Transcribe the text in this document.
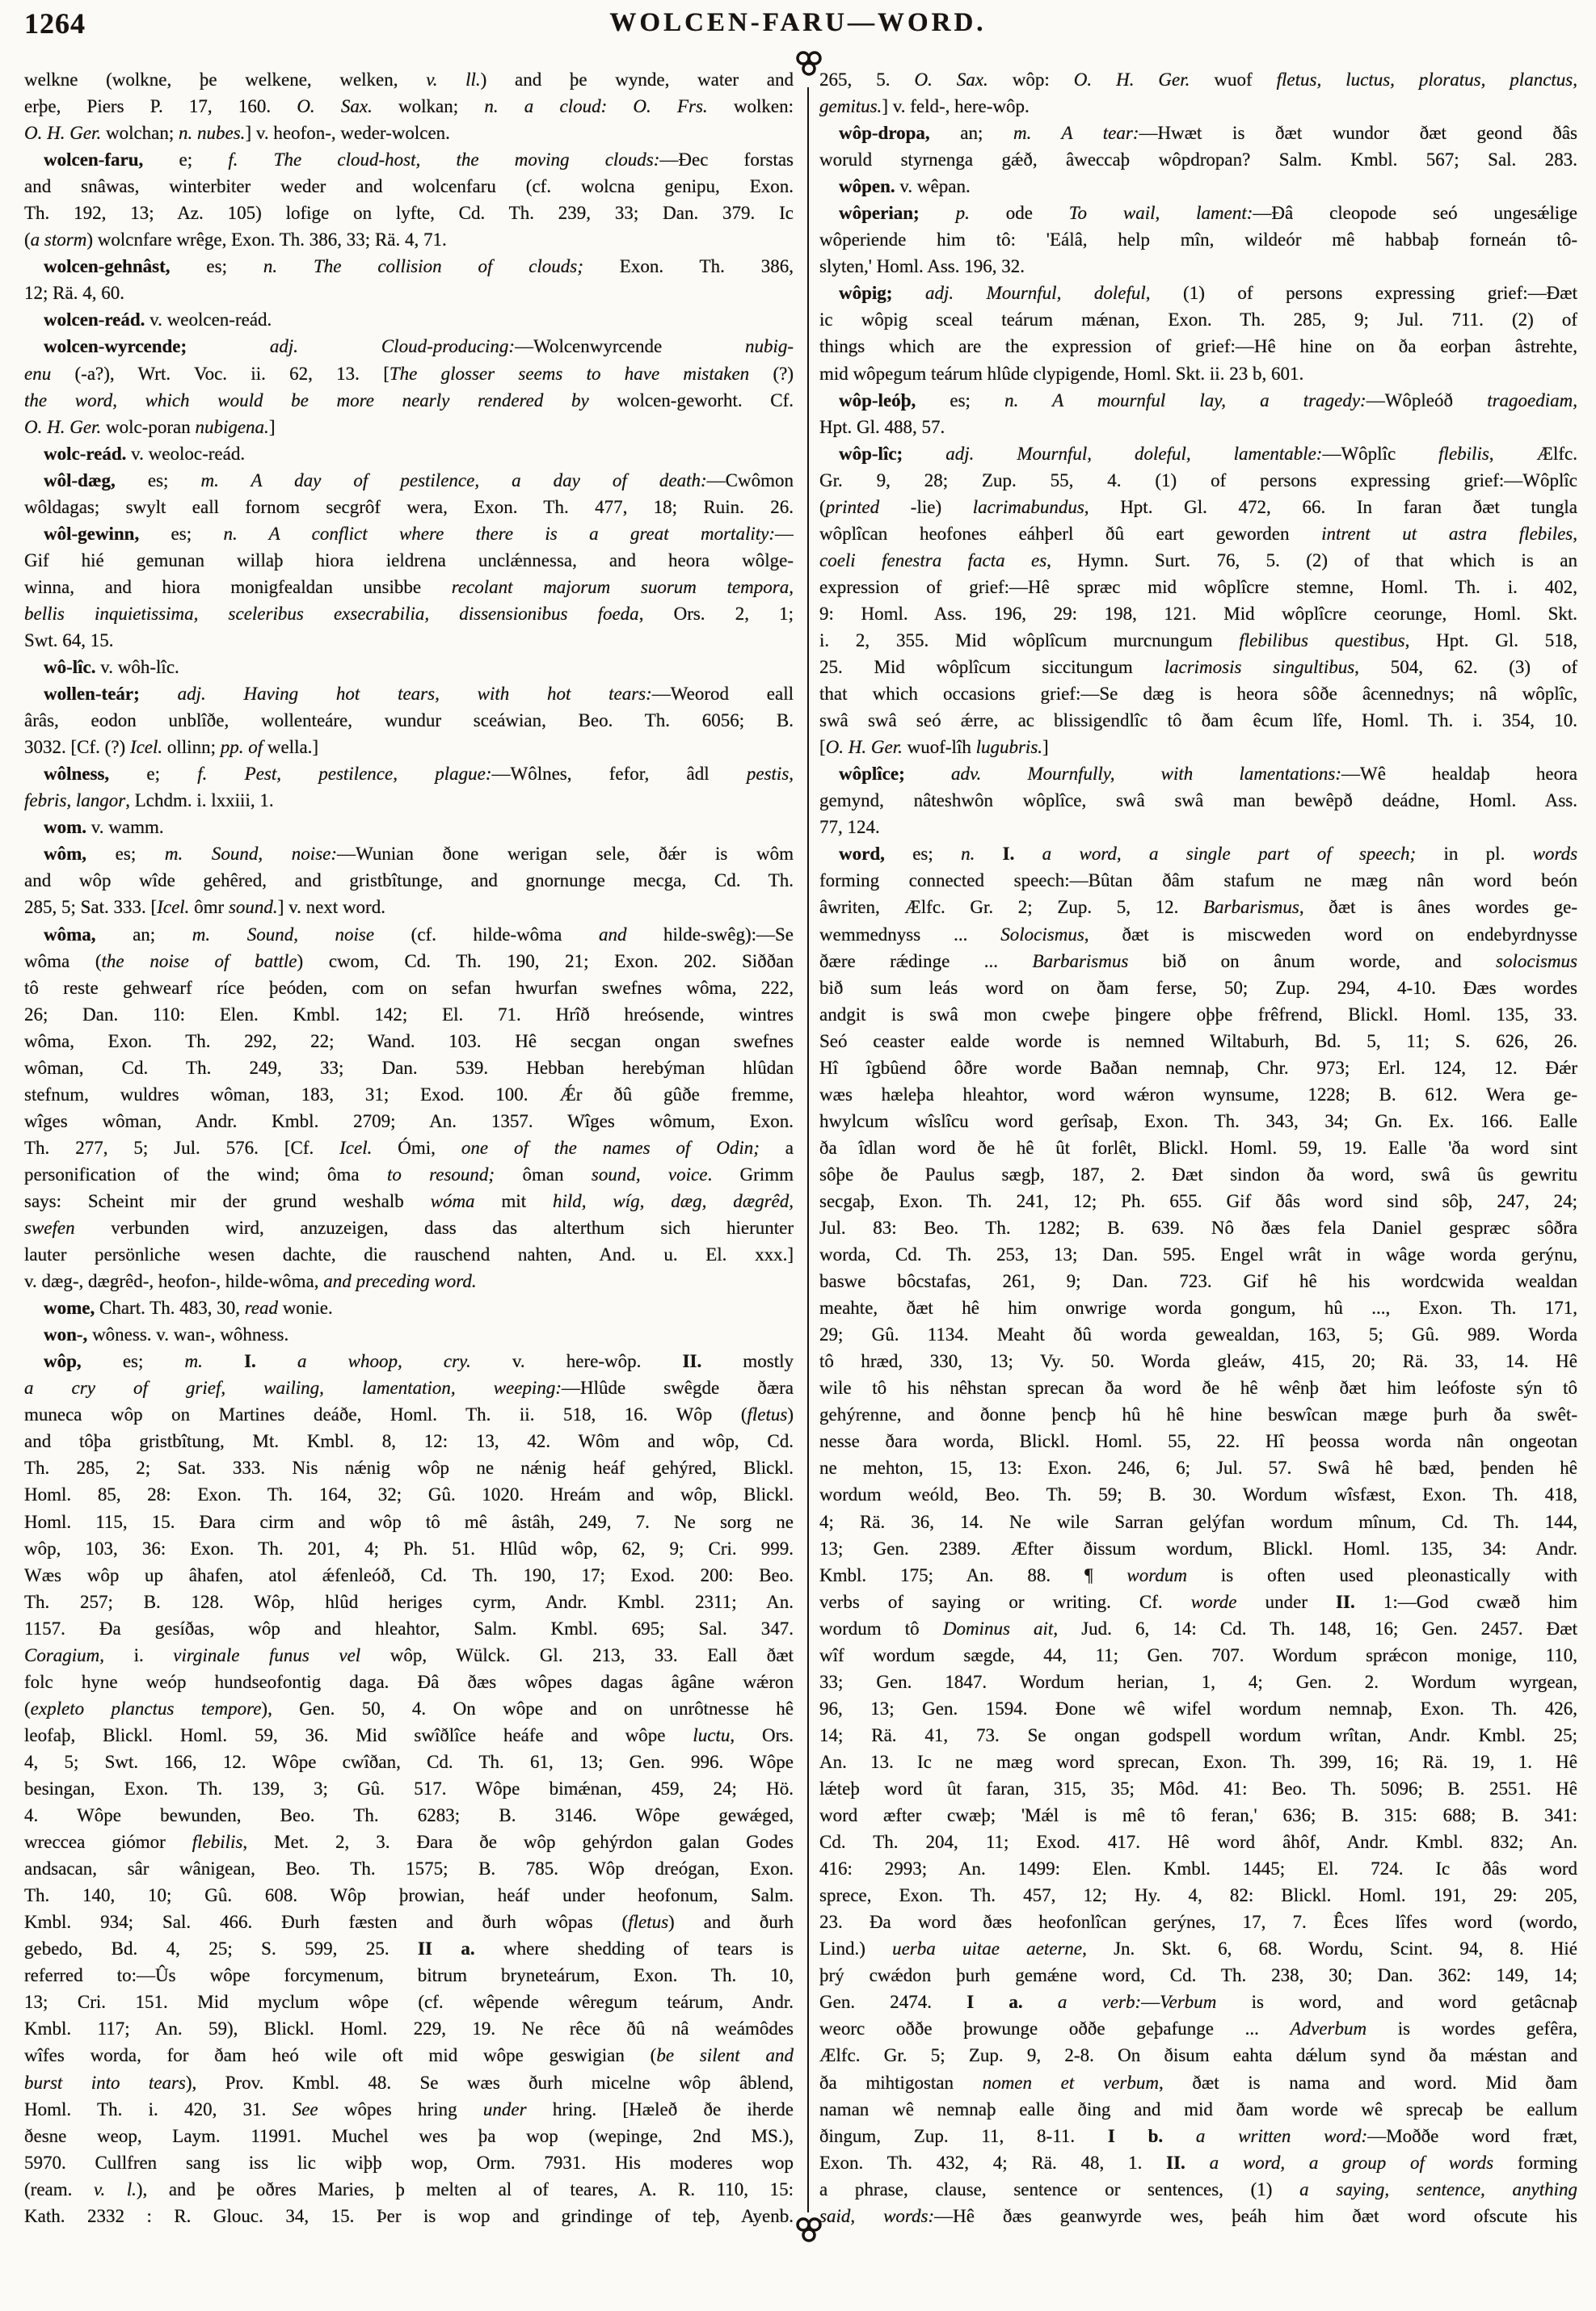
1264	WOLCEN-FARU—WORD.
welkne (wolkne, þe welkene, welken, v. ll.) and þe wynde, water and
erþe, Piers P. 17, 160. O. Sax. wolkan; n. a cloud: O. Frs. wolken:
O. H. Ger. wolchan; n. nubes.] v. heofon-, weder-wolcen.
wolcen-faru, e; f. The cloud-host, the moving clouds:—Ðec forstas
and snâwas, winterbiter weder and wolcenfaru (cf. wolcna genipu, Exon.
Th. 192, 13; Az. 105) lofige on lyfte, Cd. Th. 239, 33; Dan. 379. Ic
(a storm) wolcnfare wrêge, Exon. Th. 386, 33; Rä. 4, 71.
wolcen-gehnâst, es; n. The collision of clouds; Exon. Th. 386,
12; Rä. 4, 60.
wolcen-reád. v. weolcen-reád.
wolcen-wyrcende;	adj. Cloud-producing:—Wolcenwyrcende nubig-
enu (-a?), Wrt. Voc. ii. 62, 13. [The glosser seems to have mistaken (?)
the word, which would be more nearly rendered by wolcen-geworht. Cf.
O. H. Ger. wolc-poran nubigena.]
wolc-reád. v. weoloc-reád.
wôl-dæg, es; m. A day of pestilence, a day of death:—Cwômon
wôldagas; swylt eall fornom secgrôf wera, Exon. Th. 477, 18; Ruin. 26.
wôl-gewinn, es; n. A conflict where there is a great mortality:—
Gif hié gemunan willaþ hiora ieldrena unclǽnnessa, and heora wôlge-
winna, and hiora monigfealdan unsibbe recolant majorum suorum tempora,
bellis inquietissima, sceleribus exsecrabilia, dissensionibus foeda, Ors. 2, 1;
Swt. 64, 15.
wô-lîc. v. wôh-lîc.
wollen-teár; adj. Having hot tears, with hot tears:—Weorod eall
ârâs, eodon unblîðe, wollenteáre, wundur sceáwian, Beo. Th. 6056; B.
3032. [Cf. (?) Icel. ollinn; pp. of wella.]
wôlness, e; f. Pest, pestilence, plague:—Wôlnes, fefor, âdl pestis,
febris, langor, Lchdm. i. lxxiii, 1.
wom. v. wamm.
wôm, es; m. Sound, noise:—Wunian ðone werigan sele, ðǽr is wôm
and wôp wîde gehêred, and gristbîtunge, and gnornunge mecga, Cd. Th.
285, 5; Sat. 333. [Icel. ômr sound.] v. next word.
wôma, an; m. Sound, noise (cf. hilde-wôma and hilde-swêg):—Se
wôma (the noise of battle) cwom, Cd. Th. 190, 21; Exon. 202. Siððan
tô reste gehwearf ríce þeóden, com on sefan hwurfan swefnes wôma, 222,
26; Dan. 110: Elen. Kmbl. 142; El. 71. Hrîð hreósende, wintres
wôma, Exon. Th. 292, 22; Wand. 103. Hê secgan ongan swefnes
wôman, Cd. Th. 249, 33; Dan. 539. Hebban herebýman hlûdan
stefnum, wuldres wôman, 183, 31; Exod. 100. Ǽr ðû gûðe fremme,
wîges wôman, Andr. Kmbl. 2709; An. 1357. Wîges wômum, Exon.
Th. 277, 5; Jul. 576. [Cf. Icel. Ómi, one of the names of Odin; a
personification of the wind; ôma to resound; ôman sound, voice. Grimm
says: Scheint mir der grund weshalb wóma mit hild, wíg, dæg, dægrêd,
swefen verbunden wird, anzuzeigen, dass das alterthum sich hierunter
lauter persönliche wesen dachte, die rauschend nahten, And. u. El. xxx.]
v. dæg-, dægrêd-, heofon-, hilde-wôma, and preceding word.
wome, Chart. Th. 483, 30, read wonie.
won-, wôness. v. wan-, wôhness.
wôp, es; m. I. a whoop, cry. v. here-wôp. II. mostly
a cry of grief, wailing, lamentation, weeping:—Hlûde swêgde ðæra
muneca wôp on Martines deáðe, Homl. Th. ii. 518, 16. Wôp (fletus)
and tôþa gristbîtung, Mt. Kmbl. 8, 12: 13, 42. Wôm and wôp, Cd.
Th. 285, 2; Sat. 333. Nis nǽnig wôp ne nǽnig heáf gehýred, Blickl.
Homl. 85, 28: Exon. Th. 164, 32; Gû. 1020. Hreám and wôp, Blickl.
Homl. 115, 15. Ðara cirm and wôp tô mê âstâh, 249, 7. Ne sorg ne
wôp, 103, 36: Exon. Th. 201, 4; Ph. 51. Hlûd wôp, 62, 9; Cri. 999.
Wæs wôp up âhafen, atol ǽfenleóð, Cd. Th. 190, 17; Exod. 200: Beo.
Th. 257; B. 128. Wôp, hlûd heriges cyrm, Andr. Kmbl. 2311; An.
1157. Ða gesíðas, wôp and hleahtor, Salm. Kmbl. 695; Sal. 347.
Coragium, i. virginale funus vel wôp, Wülck. Gl. 213, 33. Eall ðæt
folc hyne weóp hundseofontig daga. Ðâ ðæs wôpes dagas âgâne wǽron
(expleto planctus tempore), Gen. 50, 4. On wôpe and on unrôtnesse hê
leofaþ, Blickl. Homl. 59, 36. Mid swîðlîce heáfe and wôpe luctu, Ors.
4, 5; Swt. 166, 12. Wôpe cwîðan, Cd. Th. 61, 13; Gen. 996. Wôpe
besingan, Exon. Th. 139, 3; Gû. 517. Wôpe bimǽnan, 459, 24; Hö.
4. Wôpe bewunden, Beo. Th. 6283; B. 3146. Wôpe gewǽged,
wreccea giómor flebilis, Met. 2, 3. Ðara ðe wôp gehýrdon galan Godes
andsacan, sâr wânigean, Beo. Th. 1575; B. 785. Wôp dreógan, Exon.
Th. 140, 10; Gû. 608. Wôp þrowian, heáf under heofonum, Salm.
Kmbl. 934; Sal. 466. Ðurh fæsten and ðurh wôpas (fletus) and ðurh
gebedo, Bd. 4, 25; S. 599, 25. II a. where shedding of tears is
referred to:—Ûs wôpe forcymenum, bitrum bryneteárum, Exon. Th. 10,
13; Cri. 151. Mid myclum wôpe (cf. wêpende wêregum teárum, Andr.
Kmbl. 117; An. 59), Blickl. Homl. 229, 19. Ne rêce ðû nâ weámôdes
wîfes worda, for ðam heó wile oft mid wôpe geswigian (be silent and
burst into tears), Prov. Kmbl. 48. Se wæs ðurh micelne wôp âblend,
Homl. Th. i. 420, 31. See wôpes hring under hring. [Hæleð ðe iherde
ðesne weop, Laym. 11991. Muchel wes þa wop (wepinge, 2nd MS.),
5970. Cullfren sang iss lic wiþþ wop, Orm. 7931. His moderes wop
(ream. v. l.), and þe oðres Maries, þ melten al of teares, A. R. 110, 15:
Kath. 2332 : R. Glouc. 34, 15. Þer is wop and grindinge of teþ, Ayenb.
265, 5. O. Sax. wôp: O. H. Ger. wuof fletus, luctus, ploratus, planctus,
gemitus.] v. feld-, here-wôp.
wôp-dropa, an; m. A tear:—Hwæt is ðæt wundor ðæt geond ðâs
woruld styrnenga gǽð, âweccaþ wôpdropan? Salm. Kmbl. 567; Sal. 283.
wôpen. v. wêpan.
wôperian; p. ode To wail, lament:—Ðâ cleopode seó ungesǽlige
wôperiende him tô: 'Eálâ, help mîn, wildeór mê habbaþ forneán tô-
slyten,' Homl. Ass. 196, 32.
wôpig; adj. Mournful, doleful, (1) of persons expressing grief:—Ðæt
ic wôpig sceal teárum mǽnan, Exon. Th. 285, 9; Jul. 711. (2) of
things which are the expression of grief:—Hê hine on ða eorþan âstrehte,
mid wôpegum teárum hlûde clypigende, Homl. Skt. ii. 23 b, 601.
wôp-leóþ, es; n. A mournful lay, a tragedy:—Wôpleóð tragoediam,
Hpt. Gl. 488, 57.
wôp-lîc; adj. Mournful, doleful, lamentable:—Wôplîc flebilis, Ælfc.
Gr. 9, 28; Zup. 55, 4. (1) of persons expressing grief:—Wôplîc
(printed -lie) lacrimabundus, Hpt. Gl. 472, 66. In faran ðæt tungla
wôplîcan heofones eáhþerl ðû eart geworden intrent ut astra flebiles,
coeli fenestra facta es, Hymn. Surt. 76, 5. (2) of that which is an
expression of grief:—Hê spræc mid wôplîcre stemne, Homl. Th. i. 402,
9: Homl. Ass. 196, 29: 198, 121. Mid wôplîcre ceorunge, Homl. Skt.
i. 2, 355. Mid wôplîcum murcnungum flebilibus questibus, Hpt. Gl. 518,
25. Mid wôplîcum siccitungum lacrimosis singultibus, 504, 62. (3) of
that which occasions grief:—Se dæg is heora sôðe âcennednys; nâ wôplîc,
swâ swâ seó ǽrre, ac blissigendlîc tô ðam êcum lîfe, Homl. Th. i. 354, 10.
[O. H. Ger. wuof-lîh lugubris.]
wôplîce; adv. Mournfully, with lamentations:—Wê healdaþ heora
gemynd, nâteshwôn wôplîce, swâ swâ man bewêpð deádne, Homl. Ass.
77, 124.
word, es; n. I. a word, a single part of speech; in pl. words
forming connected speech:—Bûtan ðâm stafum ne mæg nân word beón
âwriten, Ælfc. Gr. 2; Zup. 5, 12. Barbarismus, ðæt is ânes wordes ge-
wemmednyss ... Solocismus, ðæt is miscweden word on endebyrdnysse
ðære rǽdinge ... Barbarismus bið on ânum worde, and solocismus
bið sum leás word on ðam ferse, 50; Zup. 294, 4-10. Ðæs wordes
andgit is swâ mon cweþe þingere oþþe frêfrend, Blickl. Homl. 135, 33.
Seó ceaster ealde worde is nemned Wiltaburh, Bd. 5, 11; S. 626, 26.
Hî îgbûend ôðre worde Baðan nemnaþ, Chr. 973; Erl. 124, 12. Ðǽr
wæs hæleþa hleahtor, word wǽron wynsume, 1228; B. 612. Wera ge-
hwylcum wîslîcu word gerîsaþ, Exon. Th. 343, 34; Gn. Ex. 166. Ealle
ða îdlan word ðe hê ût forlêt, Blickl. Homl. 59, 19. Ealle 'ða word sint
sôþe ðe Paulus sægþ, 187, 2. Ðæt sindon ða word, swâ ûs gewritu
secgaþ, Exon. Th. 241, 12; Ph. 655. Gif ðâs word sind sôþ, 247, 24;
Jul. 83: Beo. Th. 1282; B. 639. Nô ðæs fela Daniel gespræc sôðra
worda, Cd. Th. 253, 13; Dan. 595. Engel wrât in wâge worda gerýnu,
baswe bôcstafas, 261, 9; Dan. 723. Gif hê his wordcwida wealdan
meahte, ðæt hê him onwrige worda gongum, hû ..., Exon. Th. 171,
29; Gû. 1134. Meaht ðû worda gewealdan, 163, 5; Gû. 989. Worda
tô hræd, 330, 13; Vy. 50. Worda gleáw, 415, 20; Rä. 33, 14. Hê
wile tô his nêhstan sprecan ða word ðe hê wênþ ðæt him leófoste sýn tô
gehýrenne, and ðonne þencþ hû hê hine beswîcan mæge þurh ða swêt-
nesse ðara worda, Blickl. Homl. 55, 22. Hî þeossa worda nân ongeotan
ne mehton, 15, 13: Exon. 246, 6; Jul. 57. Swâ hê bæd, þenden hê
wordum weóld, Beo. Th. 59; B. 30. Wordum wîsfæst, Exon. Th. 418,
4; Rä. 36, 14. Ne wile Sarran gelýfan wordum mînum, Cd. Th. 144,
13; Gen. 2389. Æfter ðissum wordum, Blickl. Homl. 135, 34: Andr.
Kmbl. 175; An. 88. ¶ wordum is often used pleonastically with
verbs of saying or writing. Cf. worde under II. 1:—God cwæð him
wordum tô Dominus ait, Jud. 6, 14: Cd. Th. 148, 16; Gen. 2457. Ðæt
wîf wordum sægde, 44, 11; Gen. 707. Wordum sprǽcon monige, 110,
33; Gen. 1847. Wordum herian, 1, 4; Gen. 2. Wordum wyrgean,
96, 13; Gen. 1594. Ðone wê wifel wordum nemnaþ, Exon. Th. 426,
14; Rä. 41, 73. Se ongan godspell wordum wrîtan, Andr. Kmbl. 25;
An. 13. Ic ne mæg word sprecan, Exon. Th. 399, 16; Rä. 19, 1. Hê
lǽteþ word ût faran, 315, 35; Môd. 41: Beo. Th. 5096; B. 2551. Hê
word æfter cwæþ; 'Mǽl is mê tô feran,' 636; B. 315: 688; B. 341:
Cd. Th. 204, 11; Exod. 417. Hê word âhôf, Andr. Kmbl. 832; An.
416: 2993; An. 1499: Elen. Kmbl. 1445; El. 724. Ic ðâs word
sprece, Exon. Th. 457, 12; Hy. 4, 82: Blickl. Homl. 191, 29: 205,
23. Ða word ðæs heofonlîcan gerýnes, 17, 7. Êces lîfes word (wordo,
Lind.) uerba uitae aeterne, Jn. Skt. 6, 68. Wordu, Scint. 94, 8. Hié
þrý cwǽdon þurh gemǽne word, Cd. Th. 238, 30; Dan. 362: 149, 14;
Gen. 2474. I a. a verb:—Verbum is word, and word getâcnaþ
weorc oððe þrowunge oððe geþafunge ... Adverbum is wordes gefêra,
Ælfc. Gr. 5; Zup. 9, 2-8. On ðisum eahta dǽlum synd ða mǽstan and
ða mihtigostan nomen et verbum, ðæt is nama and word. Mid ðam
naman wê nemnaþ ealle ðing and mid ðam worde wê sprecaþ be eallum
ðingum, Zup. 11, 8-11. I b. a written word:—Moððe word fræt,
Exon. Th. 432, 4; Rä. 48, 1. II. a word, a group of words forming
a phrase, clause, sentence or sentences, (1) a saying, sentence, anything
said, words:—Hê ðæs geanwyrde wes, þeáh him ðæt word ofscute his
